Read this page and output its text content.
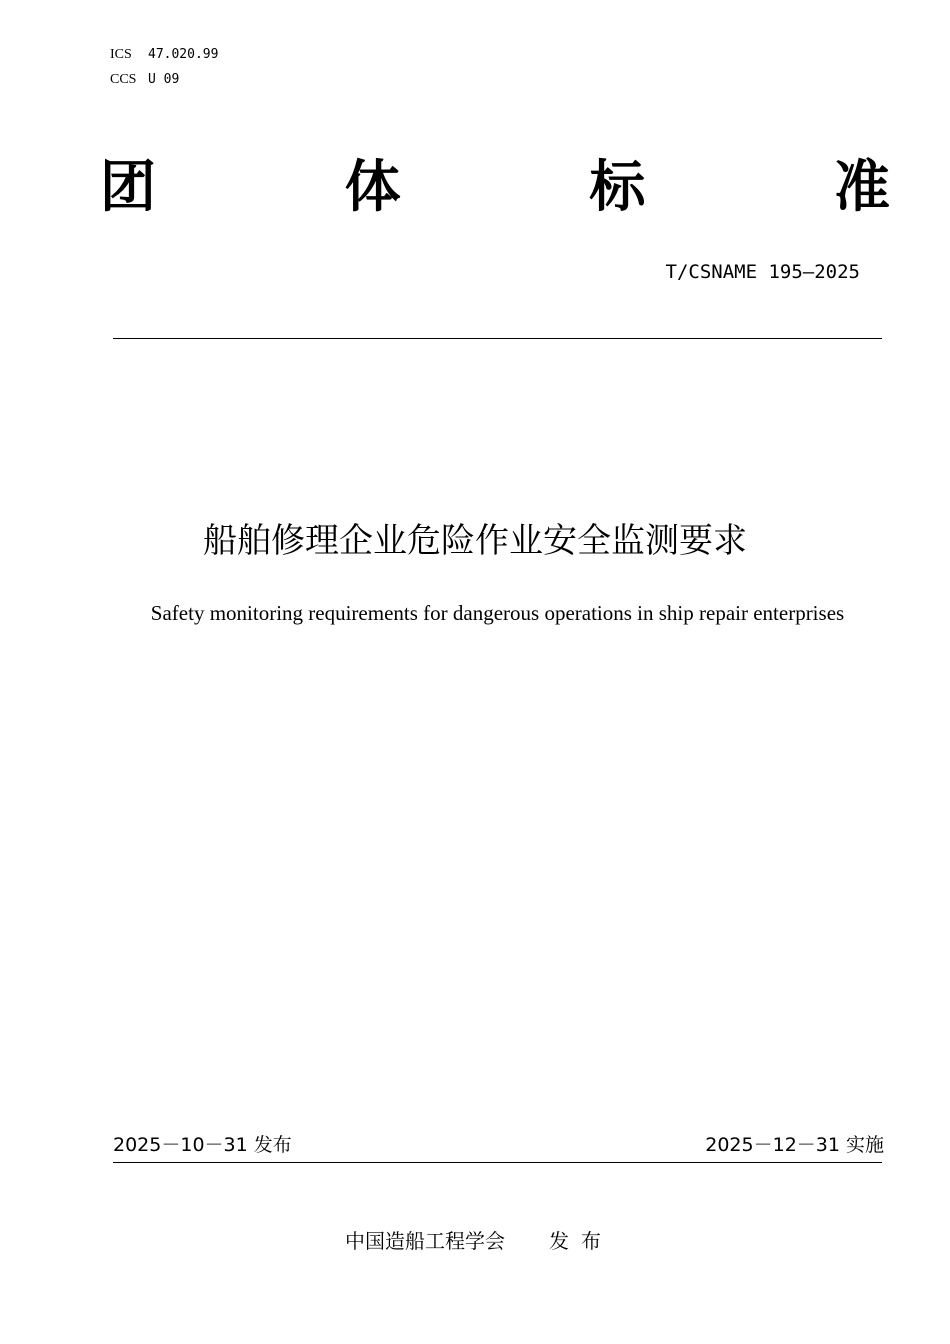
ICS 47.020.99
CCS U 09
团	体	标	准
T/CSNAME 195—2025
船舶修理企业危险作业安全监测要求
Safety monitoring requirements for dangerous operations in ship repair enterprises
2025－10－31 发布	2025－12－31 实施
中国造船工程学会 发布
